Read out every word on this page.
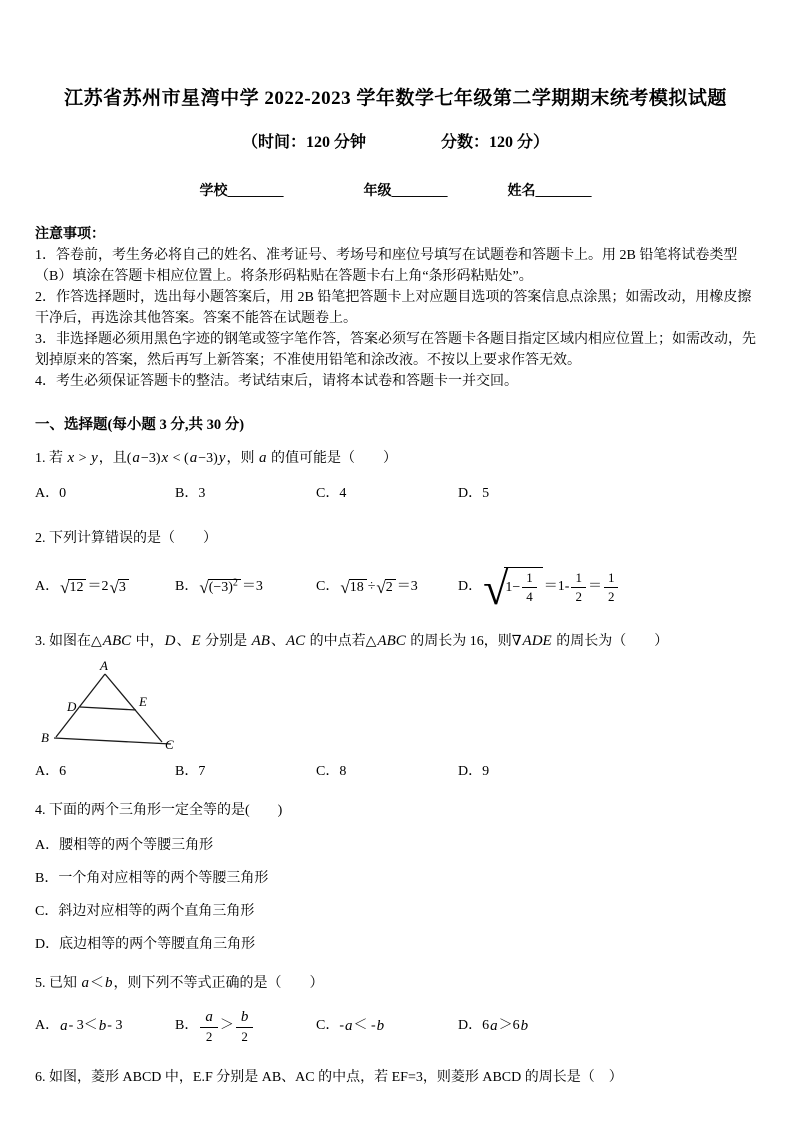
江苏省苏州市星湾中学 2022-2023 学年数学七年级第二学期期末统考模拟试题
（时间：120 分钟	分数：120 分）
学校________	年级________	姓名________

注意事项：

1．答卷前，考生务必将自己的姓名、准考证号、考场号和座位号填写在试题卷和答题卡上。用 2B 铅笔将试卷类型（B）填涂在答题卡相应位置上。将条形码粘贴在答题卡右上角“条形码粘贴处”。

2．作答选择题时，选出每小题答案后，用 2B 铅笔把答题卡上对应题目选项的答案信息点涂黑；如需改动，用橡皮擦干净后，再选涂其他答案。答案不能答在试题卷上。

3．非选择题必须用黑色字迹的钢笔或签字笔作答，答案必须写在答题卡各题目指定区域内相应位置上；如需改动，先划掉原来的答案，然后再写上新答案；不准使用铅笔和涂改液。不按以上要求作答无效。

4．考生必须保证答题卡的整洁。考试结束后，请将本试卷和答题卡一并交回。

一、选择题(每小题 3 分,共 30 分)

1. 若 x > y，且(a−3)x < (a−3)y，则 a 的值可能是（　　）

A．0	B．3	C．4	D．5

2. 下列计算错误的是（　　）

A． √ 12 ＝2 √ 3	B． √ $(-3)^2 =3$	C． √ 18 ÷ √ 2 ＝3	D． √
$1- \frac{1}{4} =1- \frac{1}{2} = \frac{1}{2}$

3. 如图在△ABC 中，D、E 分别是 AB、AC 的中点若△ABC 的周长为 16，则∇ADE 的周长为（　　）

A
B	C
D	E
A．6	B．7	C．8	D．9

4. 下面的两个三角形一定全等的是(　　)

A．腰相等的两个等腰三角形

B．一个角对应相等的两个等腰三角形

C．斜边对应相等的两个直角三角形

D．底边相等的两个等腰直角三角形

5. 已知 a＜b，则下列不等式正确的是（　　）

A． a - 3＜ b - 3	B． $\frac{a}{2} > \frac{b}{2}$	C．- a ＜ - b	D．6 a ＞6 b

6. 如图，菱形 ABCD 中，E.F 分别是 AB、AC 的中点，若 EF=3，则菱形 ABCD 的周长是（　）
